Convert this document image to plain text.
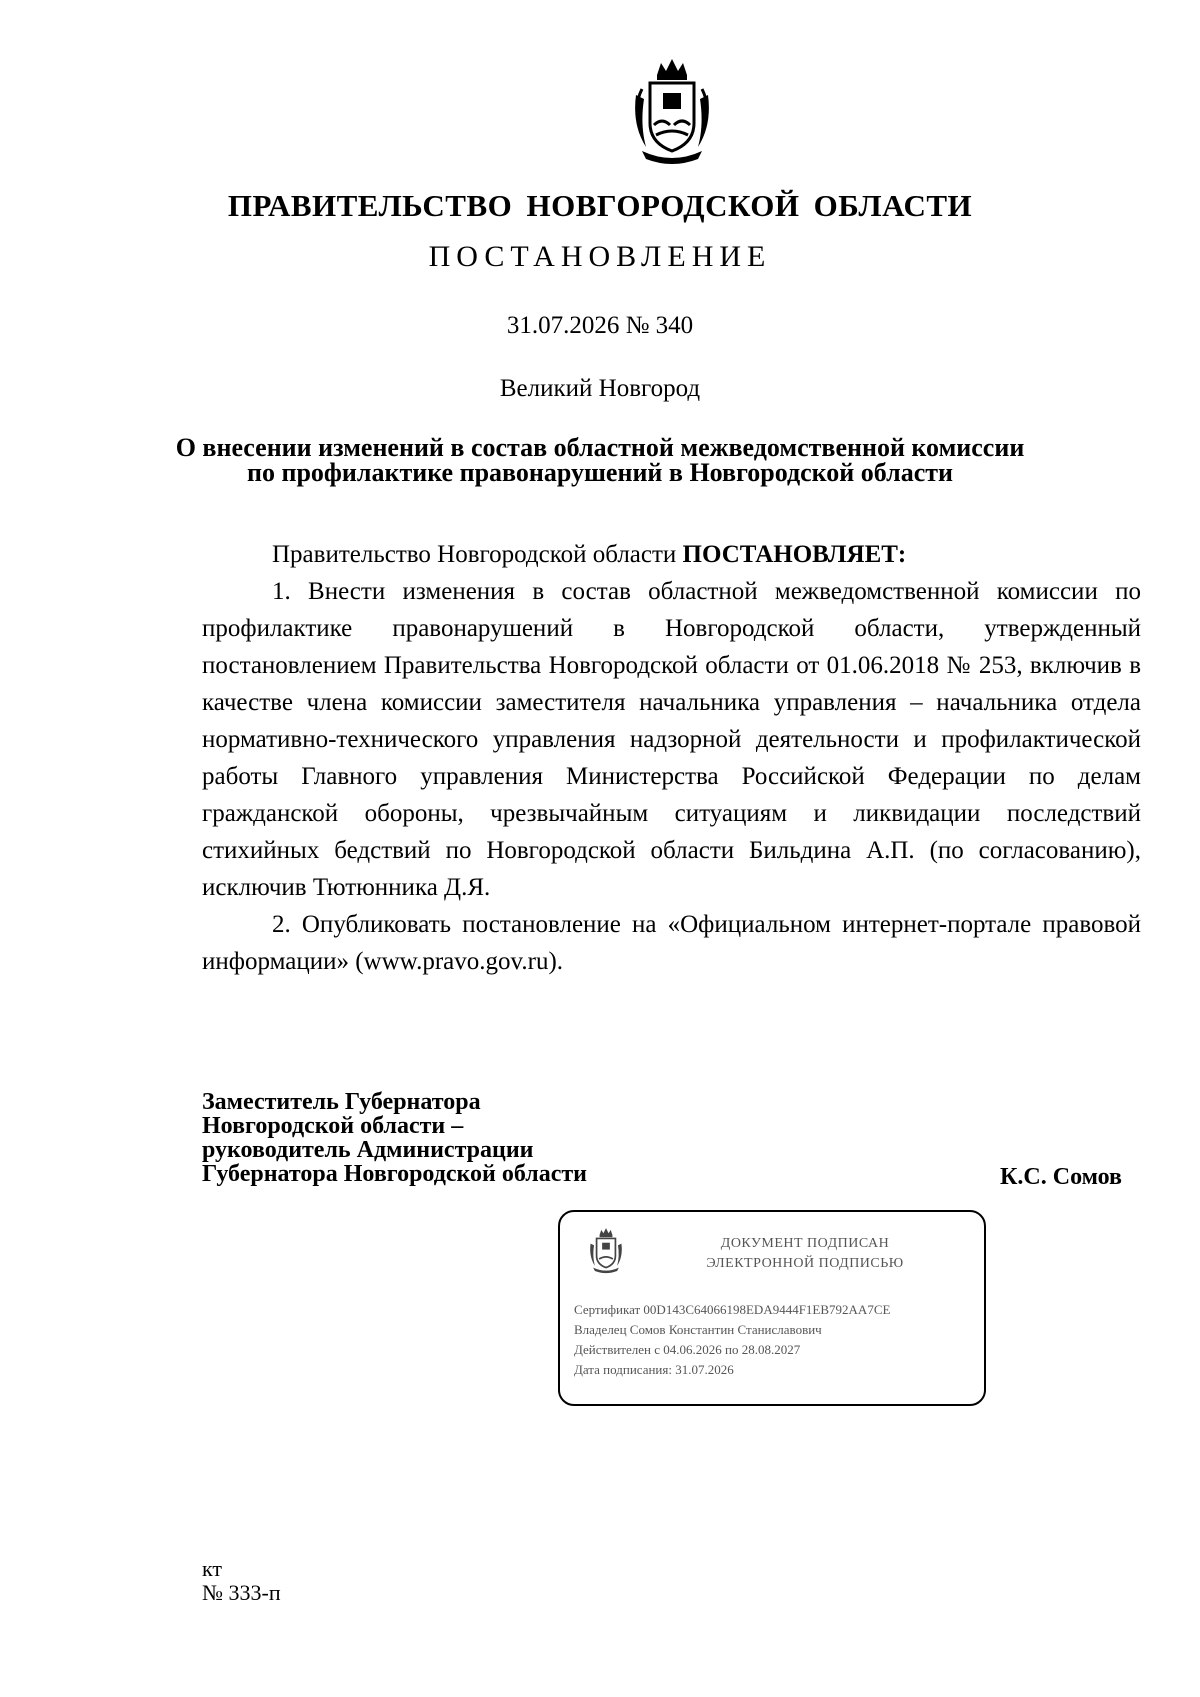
ПРАВИТЕЛЬСТВО НОВГОРОДСКОЙ ОБЛАСТИ
ПОСТАНОВЛЕНИЕ
31.07.2026 № 340
Великий Новгород
О внесении изменений в состав областной межведомственной комиссии
по профилактике правонарушений в Новгородской области

Правительство Новгородской области ПОСТАНОВЛЯЕТ:

1. Внести изменения в состав областной межведомственной комиссии по профилактике правонарушений в Новгородской области, утвержденный постановлением Правительства Новгородской области от 01.06.2018 № 253, включив в качестве члена комиссии заместителя начальника управления – начальника отдела нормативно-технического управления надзорной деятельности и профилактической работы Главного управления Министерства Российской Федерации по делам гражданской обороны, чрезвычайным ситуациям и ликвидации последствий стихийных бедствий по Новгородской области Бильдина А.П. (по согласованию), исключив Тютюнника Д.Я.

2. Опубликовать постановление на «Официальном интернет-портале правовой информации» (www.pravo.gov.ru).

Заместитель Губернатора
Новгородской области –
руководитель Администрации
Губернатора Новгородской области	К.С. Сомов
ДОКУМЕНТ ПОДПИСАН
ЭЛЕКТРОННОЙ ПОДПИСЬЮ
Сертификат 00D143C64066198EDA9444F1EB792AA7CE
Владелец Сомов Константин Станиславович
Действителен с 04.06.2026 по 28.08.2027
Дата подписания: 31.07.2026
кт
№ 333-п
